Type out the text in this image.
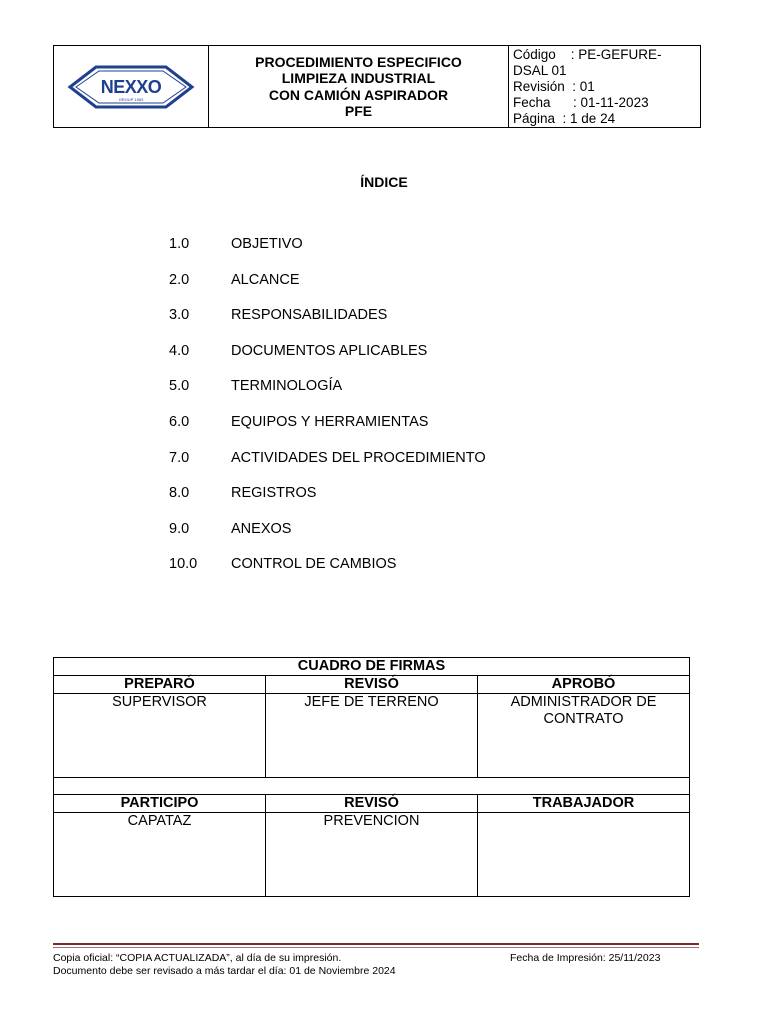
NEXXO
GROUP 1983
PROCEDIMIENTO ESPECIFICO
LIMPIEZA INDUSTRIAL
CON CAMIÓN ASPIRADOR
PFE
Código    : PE-GEFURE-
DSAL 01
Revisión  : 01
Fecha      : 01-11-2023
Página  : 1 de 24
ÍNDICE
1.0	OBJETIVO
2.0	ALCANCE
3.0	RESPONSABILIDADES
4.0	DOCUMENTOS APLICABLES
5.0	TERMINOLOGÍA
6.0	EQUIPOS Y HERRAMIENTAS
7.0	ACTIVIDADES DEL PROCEDIMIENTO
8.0	REGISTROS
9.0	ANEXOS
10.0	CONTROL DE CAMBIOS
CUADRO DE FIRMAS		
PREPARÓ	REVISÓ	APROBÓ
SUPERVISOR	JEFE DE TERRENO	ADMINISTRADOR DE CONTRATO

PARTICIPO	REVISÓ	TRABAJADOR
CAPATAZ	PREVENCION	
Copia oficial: “COPIA ACTUALIZADA”, al día de su impresión.
Documento debe ser revisado a más tardar el día: 01 de Noviembre 2024
Fecha de Impresión: 25/11/2023
